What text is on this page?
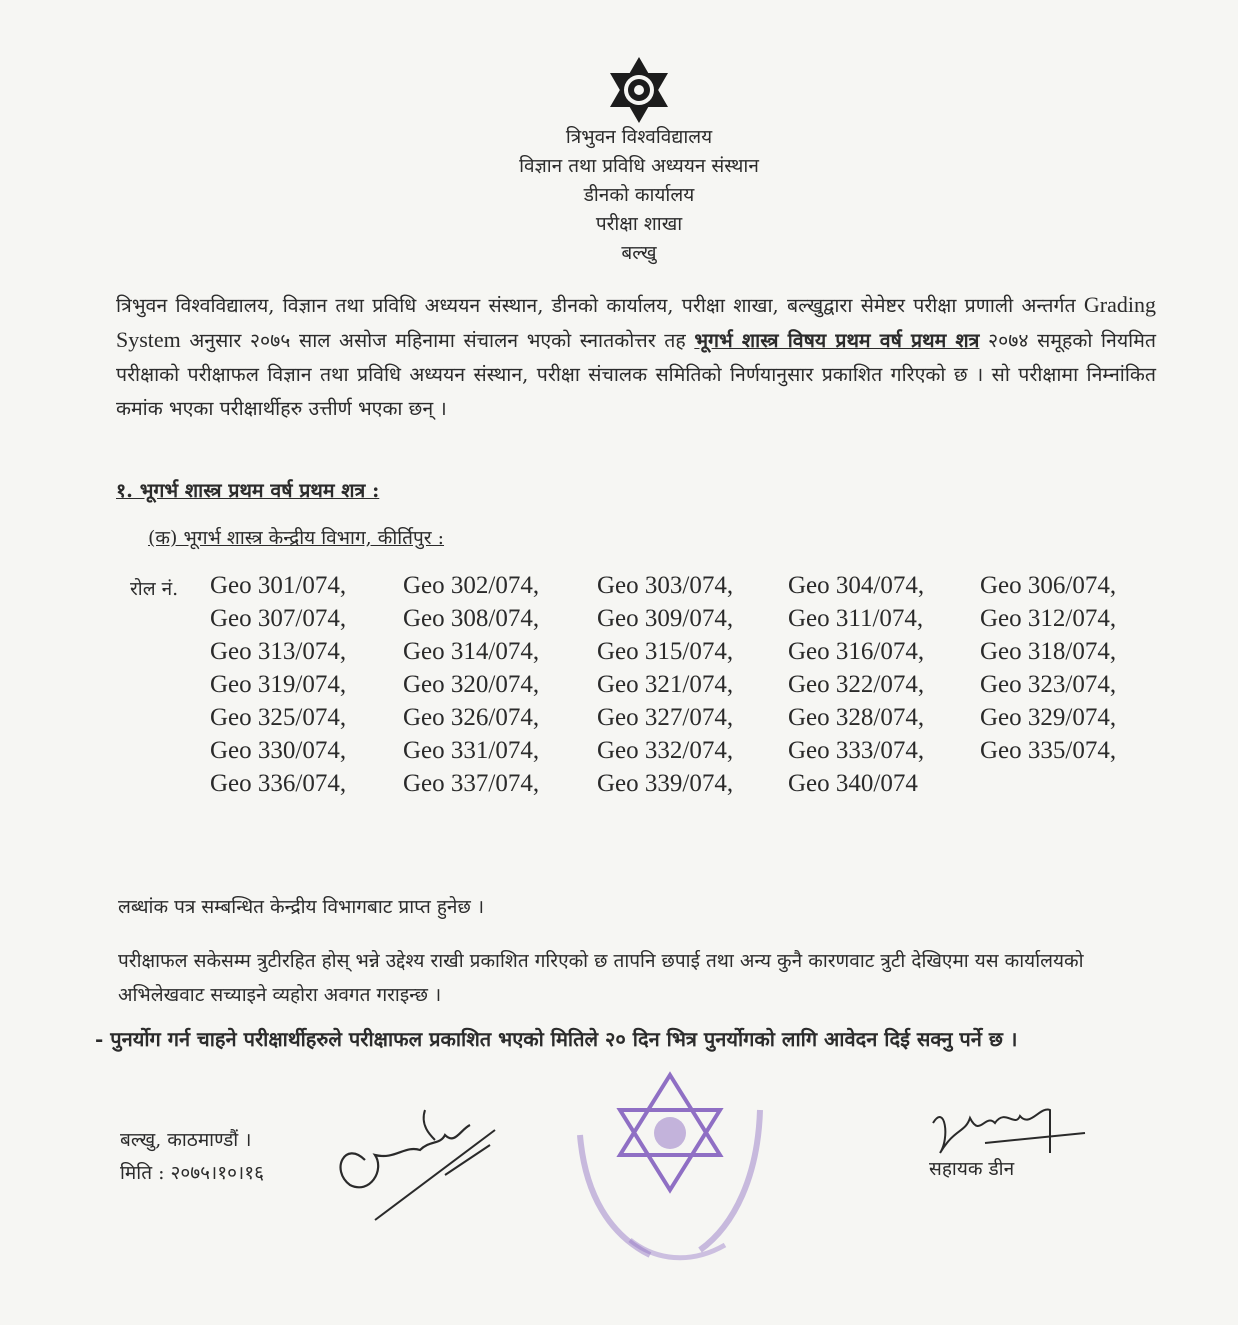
त्रिभुवन विश्वविद्यालय
विज्ञान तथा प्रविधि अध्ययन संस्थान
डीनको कार्यालय
परीक्षा शाखा
बल्खु
त्रिभुवन विश्वविद्यालय, विज्ञान तथा प्रविधि अध्ययन संस्थान, डीनको कार्यालय, परीक्षा शाखा, बल्खुद्वारा सेमेष्टर परीक्षा प्रणाली अन्तर्गत Grading System अनुसार २०७५ साल असोज महिनामा संचालन भएको स्नातकोत्तर तह भूगर्भ शास्त्र विषय प्रथम वर्ष प्रथम शत्र २०७४ समूहको नियमित परीक्षाको परीक्षाफल विज्ञान तथा प्रविधि अध्ययन संस्थान, परीक्षा संचालक समितिको निर्णयानुसार प्रकाशित गरिएको छ । सो परीक्षामा निम्नांकित कमांक भएका परीक्षार्थीहरु उत्तीर्ण भएका छन् ।
१. भूगर्भ शास्त्र प्रथम वर्ष प्रथम शत्र :
(क) भूगर्भ शास्त्र केन्द्रीय विभाग, कीर्तिपुर :
रोल नं. Geo 301/074,	Geo 302/074,	Geo 303/074,	Geo 304/074,	Geo 306/074,
Geo 307/074,	Geo 308/074,	Geo 309/074,	Geo 311/074,	Geo 312/074,
Geo 313/074,	Geo 314/074,	Geo 315/074,	Geo 316/074,	Geo 318/074,
Geo 319/074,	Geo 320/074,	Geo 321/074,	Geo 322/074,	Geo 323/074,
Geo 325/074,	Geo 326/074,	Geo 327/074,	Geo 328/074,	Geo 329/074,
Geo 330/074,	Geo 331/074,	Geo 332/074,	Geo 333/074,	Geo 335/074,
Geo 336/074,	Geo 337/074,	Geo 339/074,	Geo 340/074
लब्धांक पत्र सम्बन्धित केन्द्रीय विभागबाट प्राप्त हुनेछ ।
परीक्षाफल सकेसम्म त्रुटीरहित होस् भन्ने उद्देश्य राखी प्रकाशित गरिएको छ तापनि छपाई तथा अन्य कुनै कारणवाट त्रुटी देखिएमा यस कार्यालयको अभिलेखवाट सच्याइने व्यहोरा अवगत गराइन्छ ।
- पुनर्योग गर्न चाहने परीक्षार्थीहरुले परीक्षाफल प्रकाशित भएको मितिले २० दिन भित्र पुनर्योगको लागि आवेदन दिई सक्नु पर्ने छ ।
बल्खु, काठमाण्डौं ।
मिति : २०७५।१०।१६	सहायक डीन
